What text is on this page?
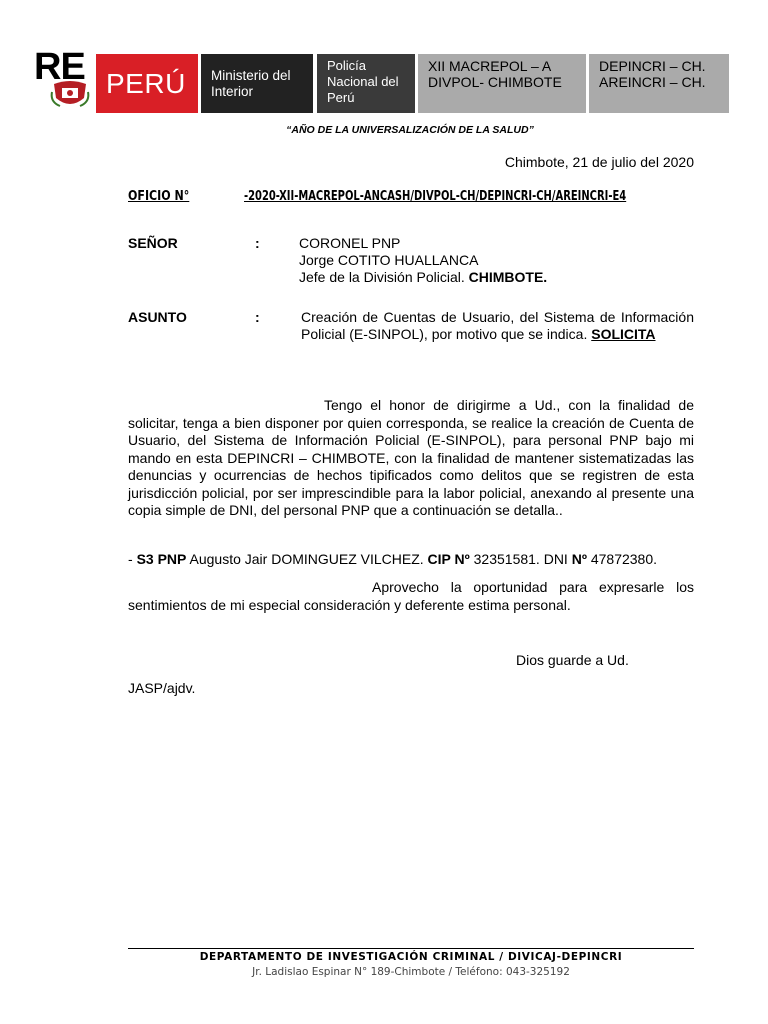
RE PERÚ Ministerio del
Interior
Policía
Nacional del
Perú
XII MACREPOL – A
DIVPOL- CHIMBOTE
DEPINCRI – CH.
AREINCRI – CH.
“AÑO DE LA UNIVERSALIZACIÓN DE LA SALUD”
Chimbote, 21 de julio del 2020
OFICIO N°	-2020-XII-MACREPOL-ANCASH/DIVPOL-CH/DEPINCRI-CH/AREINCRI-E4
SEÑOR	:	CORONEL PNP
Jorge COTITO HUALLANCA
Jefe de la División Policial. CHIMBOTE.
ASUNTO	:	Creación de Cuentas de Usuario, del Sistema de Información Policial (E-SINPOL), por motivo que se indica. SOLICITA
Tengo el honor de dirigirme a Ud., con la finalidad de solicitar, tenga a bien disponer por quien corresponda, se realice la creación de Cuenta de Usuario, del Sistema de Información Policial (E-SINPOL), para personal PNP bajo mi mando en esta DEPINCRI – CHIMBOTE, con la finalidad de mantener sistematizadas las denuncias y ocurrencias de hechos tipificados como delitos que se registren de esta jurisdicción policial, por ser imprescindible para la labor policial, anexando al presente una copia simple de DNI, del personal PNP que a continuación se detalla..
- S3 PNP Augusto Jair DOMINGUEZ VILCHEZ. CIP Nº 32351581. DNI Nº 47872380.
Aprovecho la oportunidad para expresarle los sentimientos de mi especial consideración y deferente estima personal.
Dios guarde a Ud.
JASP/ajdv.
DEPARTAMENTO DE INVESTIGACIÓN CRIMINAL / DIVICAJ-DEPINCRI
Jr. Ladislao Espinar N° 189-Chimbote / Teléfono: 043-325192
